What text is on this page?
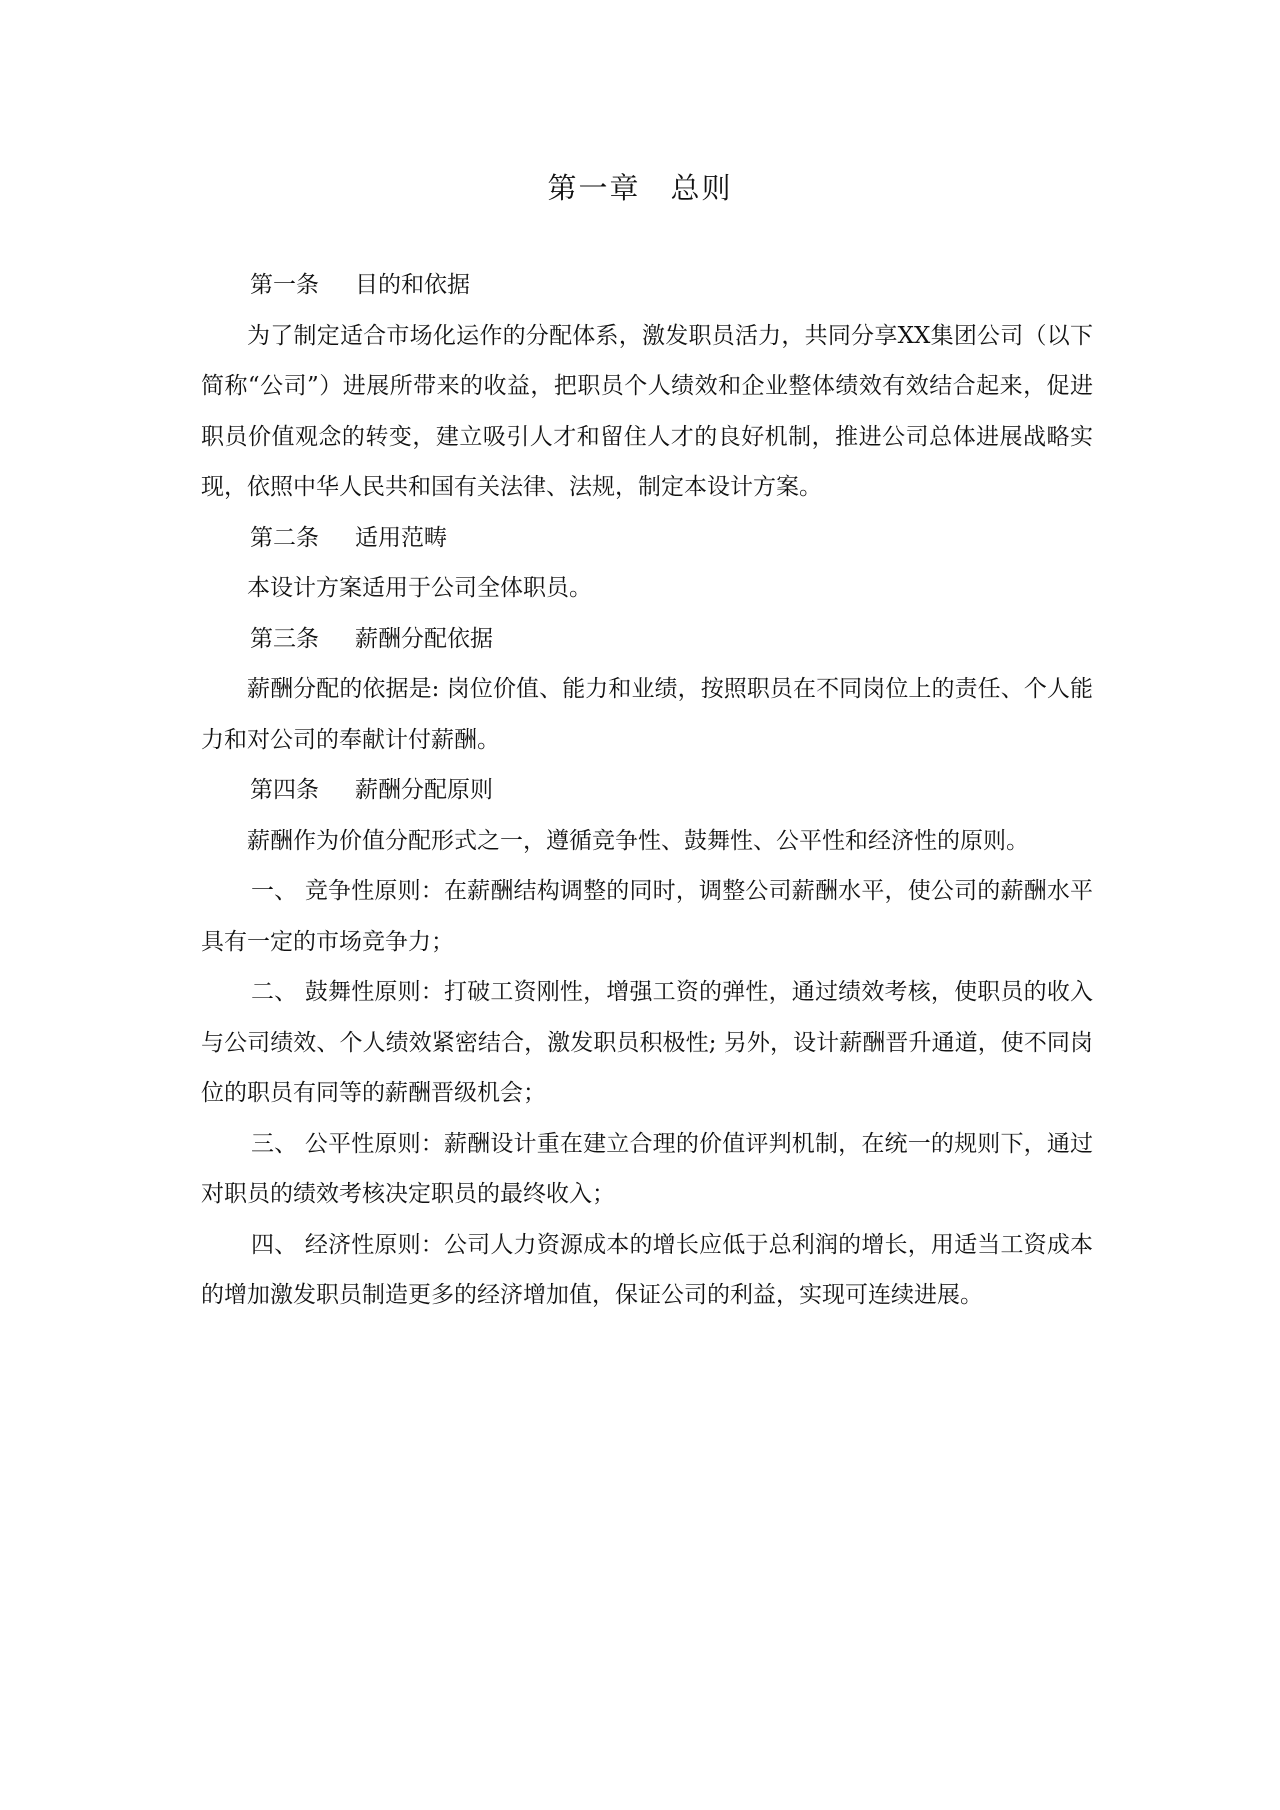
第一章 总则

第一条 目的和依据

为了制定适合市场化运作的分配体系，激发职员活力，共同分享XX集团公司（以下简称“公司”）进展所带来的收益，把职员个人绩效和企业整体绩效有效结合起来，促进职员价值观念的转变，建立吸引人才和留住人才的良好机制，推进公司总体进展战略实现，依照中华人民共和国有关法律、法规，制定本设计方案。

第二条 适用范畴

本设计方案适用于公司全体职员。

第三条 薪酬分配依据

薪酬分配的依据是: 岗位价值、能力和业绩，按照职员在不同岗位上的责任、个人能力和对公司的奉献计付薪酬。

第四条 薪酬分配原则

薪酬作为价值分配形式之一，遵循竞争性、鼓舞性、公平性和经济性的原则。

一、 竞争性原则：在薪酬结构调整的同时，调整公司薪酬水平，使公司的薪酬水平具有一定的市场竞争力；

二、 鼓舞性原则：打破工资刚性，增强工资的弹性，通过绩效考核，使职员的收入与公司绩效、个人绩效紧密结合，激发职员积极性; 另外，设计薪酬晋升通道，使不同岗位的职员有同等的薪酬晋级机会；

三、 公平性原则：薪酬设计重在建立合理的价值评判机制，在统一的规则下，通过对职员的绩效考核决定职员的最终收入；

四、 经济性原则：公司人力资源成本的增长应低于总利润的增长，用适当工资成本的增加激发职员制造更多的经济增加值，保证公司的利益，实现可连续进展。
